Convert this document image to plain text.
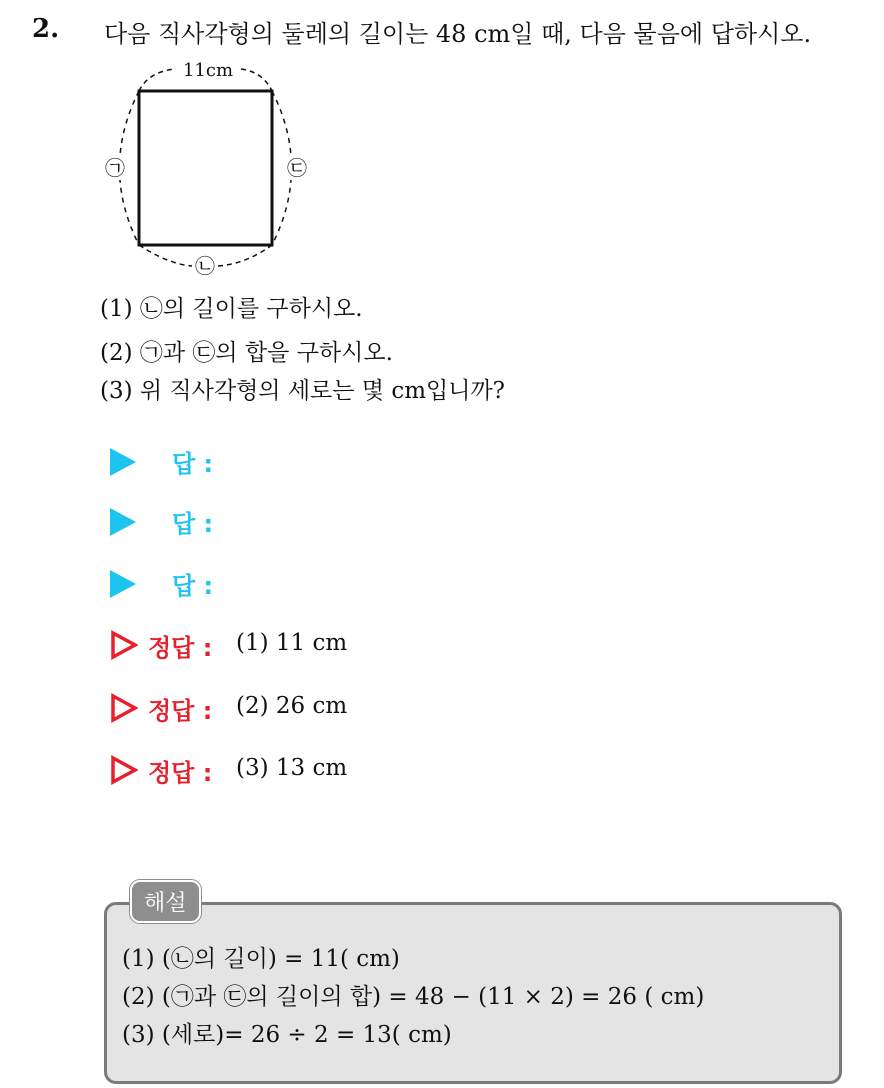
2. 다음 직사각형의 둘레의 길이는 48 cm일 때, 다음 물음에 답하시오.
11cm
㉠	㉢
㉡
(1) ㉡의 길이를 구하시오.
(2) ㉠과 ㉢의 합을 구하시오.
(3) 위 직사각형의 세로는 몇 cm입니까?
답 :
답 :
답 :
정답 : (1) 11 cm
정답 : (2) 26 cm
정답 : (3) 13 cm
해설
(1) (㉡의 길이) = 11( cm)
(2) (㉠과 ㉢의 길이의 합) = 48 − (11 × 2) = 26 ( cm)
(3) (세로)= 26 ÷ 2 = 13( cm)
